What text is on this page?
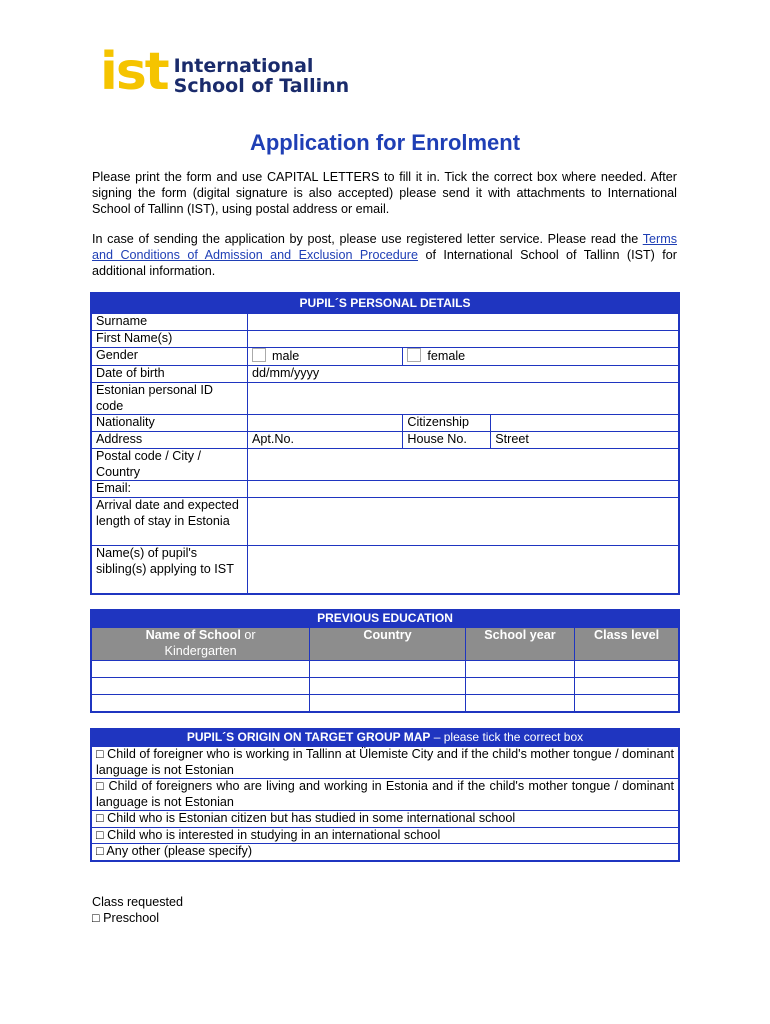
ist International
School of Tallinn
Application for Enrolment
Please print the form and use CAPITAL LETTERS to fill it in. Tick the correct box where needed. After signing the form (digital signature is also accepted) please send it with attachments to International School of Tallinn (IST), using postal address or email.
In case of sending the application by post, please use registered letter service. Please read the Terms and Conditions of Admission and Exclusion Procedure of International School of Tallinn (IST) for additional information.
PUPIL´S PERSONAL DETAILS			
Surname			
First Name(s)			
Gender	male	female	
Date of birth	dd/mm/yyyy		
Estonian personal ID code			
Nationality		Citizenship	
Address	Apt.No.	House No.	Street
Postal code / City / Country			
Email:			
Arrival date and expected length of stay in Estonia			
Name(s) of pupil's sibling(s) applying to IST			
PREVIOUS EDUCATION			
Name of School or
Kindergarten	Country	School year	Class level

PUPIL´S ORIGIN ON TARGET GROUP MAP – please tick the correct box
□ Child of foreigner who is working in Tallinn at Ülemiste City and if the child's mother tongue / dominant language is not Estonian
□ Child of foreigners who are living and working in Estonia and if the child's mother tongue / dominant language is not Estonian
□ Child who is Estonian citizen but has studied in some international school
□ Child who is interested in studying in an international school
□ Any other (please specify)
Class requested
□ Preschool
